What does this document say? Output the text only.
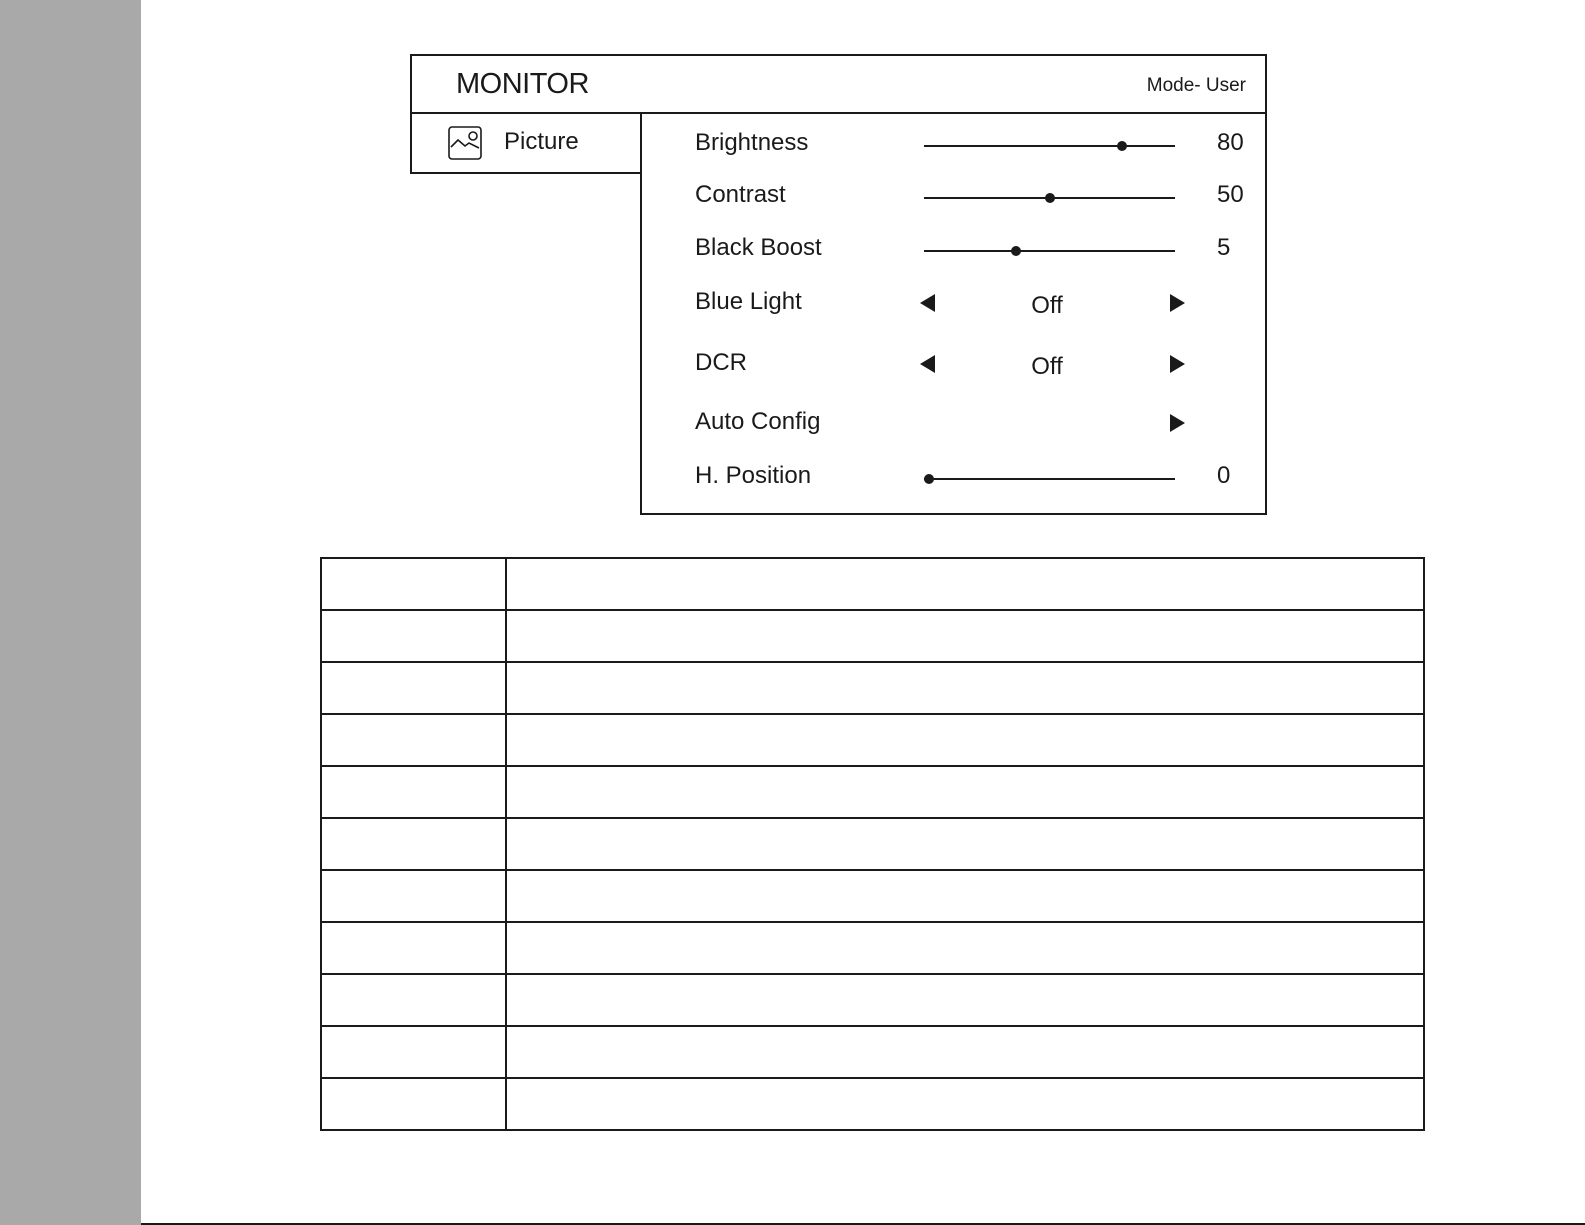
MONITOR	Mode- User
Picture	Brightness	80
Contrast	50
Black Boost	5
Blue Light	Off
DCR	Off
Auto Config
H. Position	0
